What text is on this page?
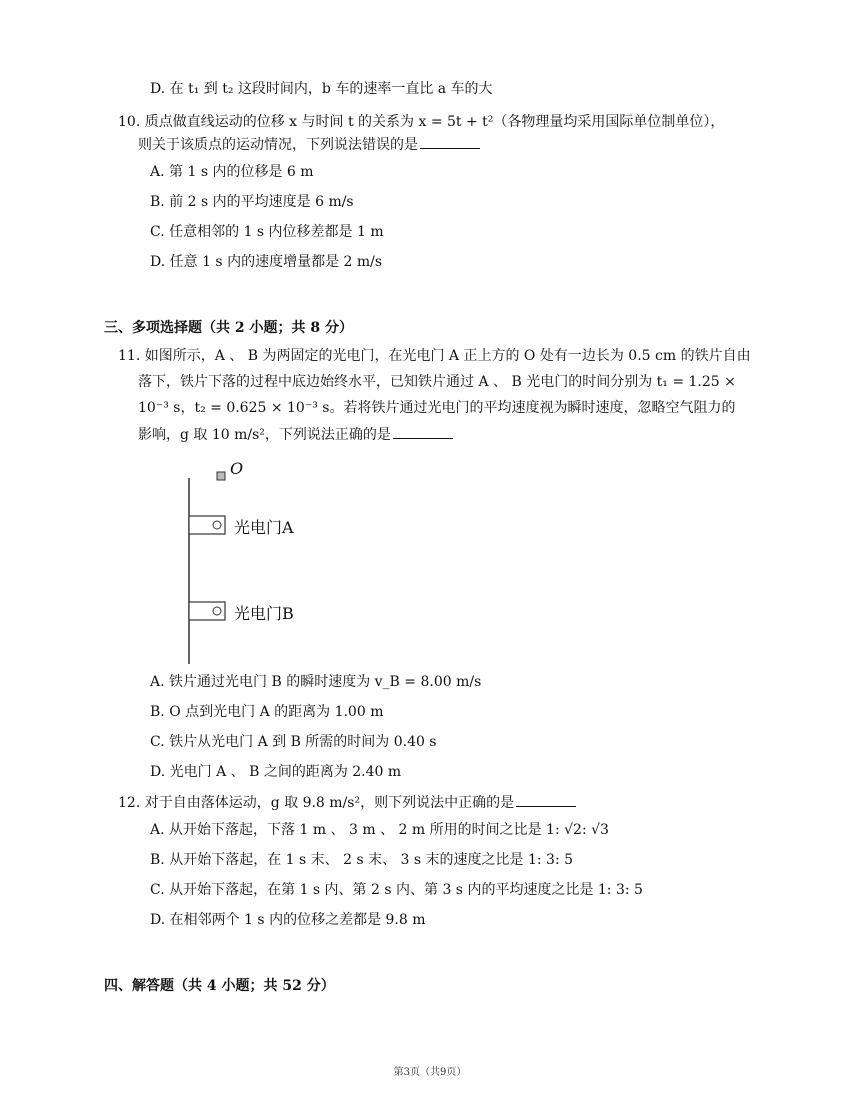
D. 在 t₁ 到 t₂ 这段时间内，b 车的速率一直比 a 车的大
10. 质点做直线运动的位移 x 与时间 t 的关系为 x = 5t + t²（各物理量均采用国际单位制单位），
则关于该质点的运动情况，下列说法错误的是
A. 第 1 s 内的位移是 6 m
B. 前 2 s 内的平均速度是 6 m/s
C. 任意相邻的 1 s 内位移差都是 1 m
D. 任意 1 s 内的速度增量都是 2 m/s
三、多项选择题（共 2 小题；共 8 分）
11. 如图所示，A 、 B 为两固定的光电门，在光电门 A 正上方的 O 处有一边长为 0.5 cm 的铁片自由
落下，铁片下落的过程中底边始终水平，已知铁片通过 A 、 B 光电门的时间分别为 t₁ = 1.25 ×
10⁻³ s，t₂ = 0.625 × 10⁻³ s。若将铁片通过光电门的平均速度视为瞬时速度，忽略空气阻力的
影响，g 取 10 m/s²，下列说法正确的是
O
光电门A
光电门B
A. 铁片通过光电门 B 的瞬时速度为 v_B = 8.00 m/s
B. O 点到光电门 A 的距离为 1.00 m
C. 铁片从光电门 A 到 B 所需的时间为 0.40 s
D. 光电门 A 、 B 之间的距离为 2.40 m
12. 对于自由落体运动，g 取 9.8 m/s²，则下列说法中正确的是
A. 从开始下落起，下落 1 m 、 3 m 、 2 m 所用的时间之比是 1: √2: √3
B. 从开始下落起，在 1 s 末、 2 s 末、 3 s 末的速度之比是 1: 3: 5
C. 从开始下落起，在第 1 s 内、第 2 s 内、第 3 s 内的平均速度之比是 1: 3: 5
D. 在相邻两个 1 s 内的位移之差都是 9.8 m
四、解答题（共 4 小题；共 52 分）
第3页（共9页）
